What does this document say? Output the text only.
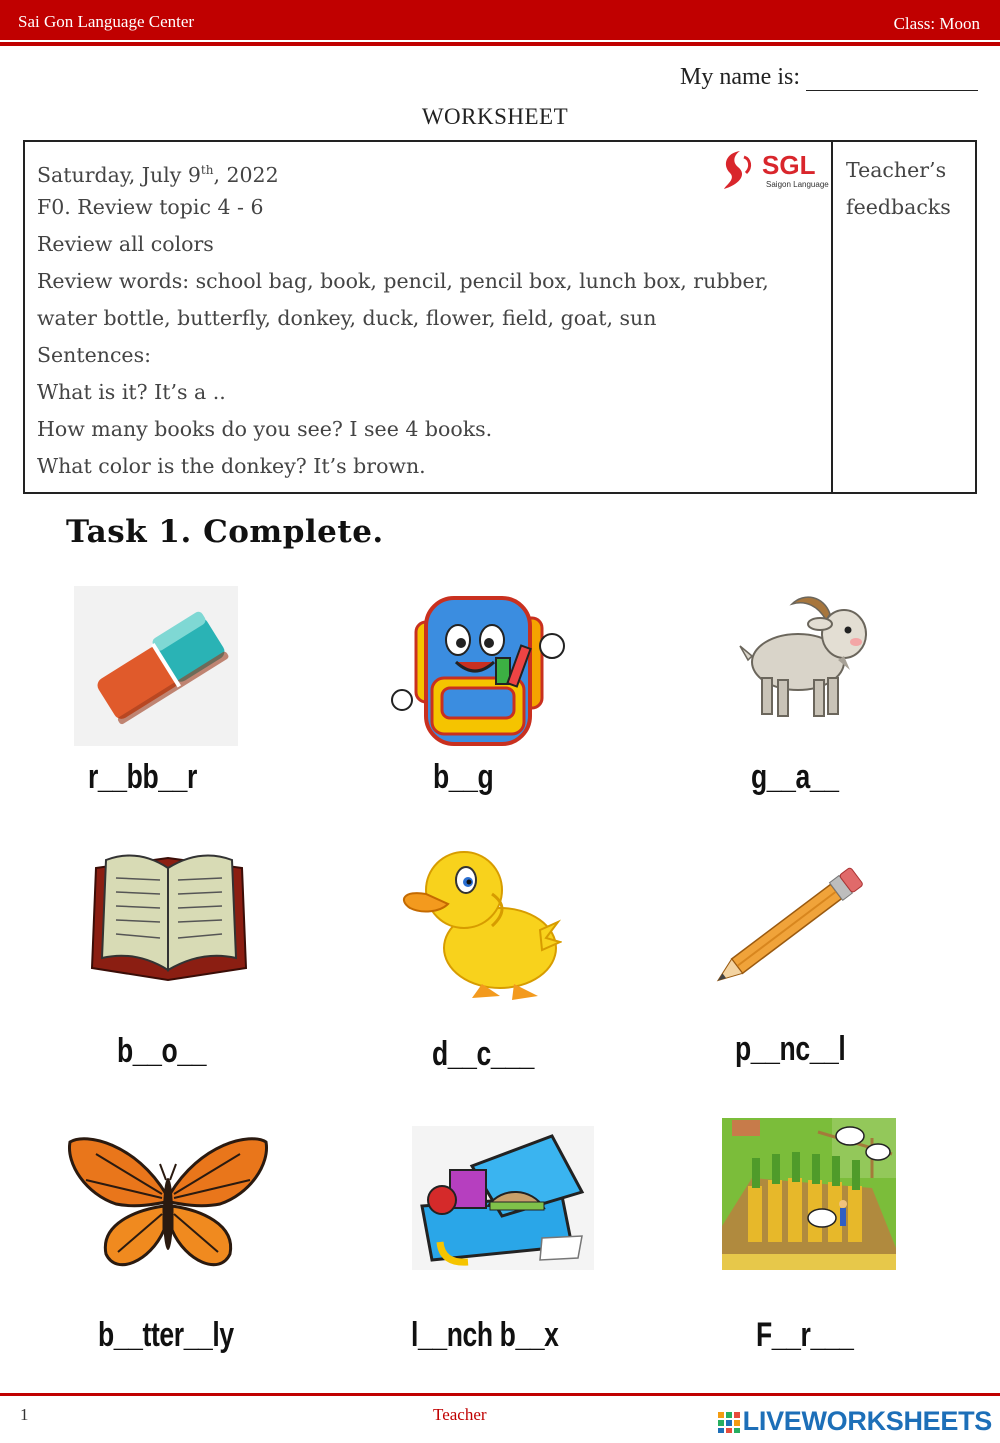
Sai Gon Language Center	Class: Moon
My name is:
WORKSHEET
Saturday, July 9th, 2022
F0. Review topic 4 - 6
Review all colors
Review words: school bag, book, pencil, pencil box, lunch box, rubber,
water bottle, butterfly, donkey, duck, flower, field, goat, sun
Sentences:
What is it? It’s a ..
How many books do you see? I see 4 books.
What color is the donkey? It’s brown.
Teacher’s
feedbacks
SGL
Saigon Language
Task 1. Complete.
r__bb__r	b__g	g__a__
b__o__	d__c___	p__nc__l
b__tter__ly	l__nch b__x	F__r___
1	Teacher	LIVEWORKSHEETS
